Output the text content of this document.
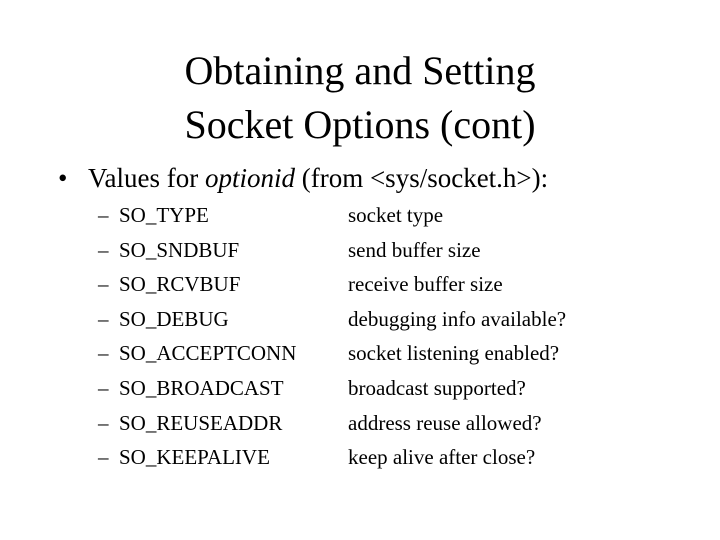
Obtaining and Setting
Socket Options (cont)
• Values for optionid (from <sys/socket.h>):
– SO_TYPE	socket type
– SO_SNDBUF	send buffer size
– SO_RCVBUF	receive buffer size
– SO_DEBUG	debugging info available?
– SO_ACCEPTCONN socket listening enabled?
– SO_BROADCAST	broadcast supported?
– SO_REUSEADDR	address reuse allowed?
– SO_KEEPALIVE	keep alive after close?
